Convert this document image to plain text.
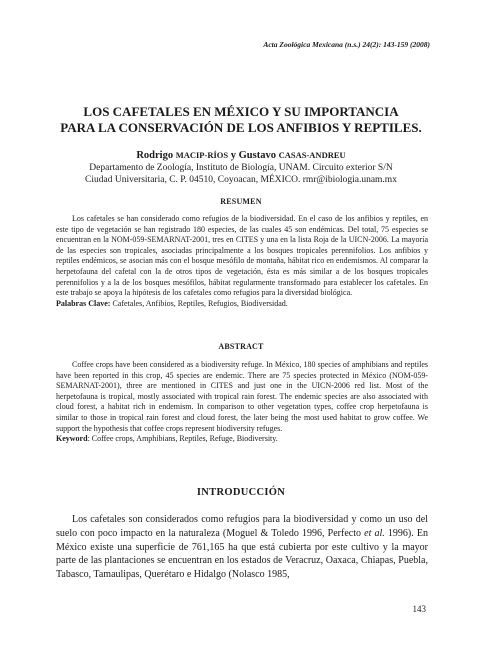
Acta Zoológica Mexicana (n.s.) 24(2): 143-159 (2008)
LOS CAFETALES EN MÉXICO Y SU IMPORTANCIA
PARA LA CONSERVACIÓN DE LOS ANFIBIOS Y REPTILES.
Rodrigo MACIP-RÍOS y Gustavo CASAS-ANDREU
Departamento de Zoología, Instituto de Biología, UNAM. Circuito exterior S/N
Ciudad Universitaria, C. P. 04510, Coyoacan, MÉXICO. rmr@ibiologia.unam.mx
RESUMEN

Los cafetales se han considerado como refugios de la biodiversidad. En el caso de los anfibios y reptiles, en este tipo de vegetación se han registrado 180 especies, de las cuales 45 son endémicas. Del total, 75 especies se encuentran en la NOM-059-SEMARNAT-2001, tres en CITES y una en la lista Roja de la UICN-2006. La mayoría de las especies son tropicales, asociadas principalmente a los bosques tropicales perennifolios. Los anfibios y reptiles endémicos, se asocian más con el bosque mesófilo de montaña, hábitat rico en endemismos. Al comparar la herpetofauna del cafetal con la de otros tipos de vegetación, ésta es más similar a de los bosques tropicales perennifolios y a la de los bosques mesófilos, hábitat regularmente transformado para establecer los cafetales. En este trabajo se apoya la hipótesis de los cafetales como refugios para la diversidad biológica.

Palabras Clave: Cafetales, Anfibios, Reptiles, Refugios, Biodiversidad.
ABSTRACT

Coffee crops have been considered as a biodiversity refuge. In México, 180 species of amphibians and reptiles have been reported in this crop, 45 species are endemic. There are 75 species protected in México (NOM-059-SEMARNAT-2001), three are mentioned in CITES and just one in the UICN-2006 red list. Most of the herpetofauna is tropical, mostly associated with tropical rain forest. The endemic species are also associated with cloud forest, a habitat rich in endemism. In comparison to other vegetation types, coffee crop herpetofauna is similar to those in tropical rain forest and cloud forest, the later being the most used habitat to grow coffee. We support the hypothesis that coffee crops represent biodiversity refuges.

Keyword: Coffee crops, Amphibians, Reptiles, Refuge, Biodiversity.
INTRODUCCIÓN

Los cafetales son considerados como refugios para la biodiversidad y como un uso del suelo con poco impacto en la naturaleza (Moguel & Toledo 1996, Perfecto et al. 1996). En México existe una superficie de 761,165 ha que está cubierta por este cultivo y la mayor parte de las plantaciones se encuentran en los estados de Veracruz, Oaxaca, Chiapas, Puebla, Tabasco, Tamaulipas, Querétaro e Hidalgo (Nolasco 1985,

143
